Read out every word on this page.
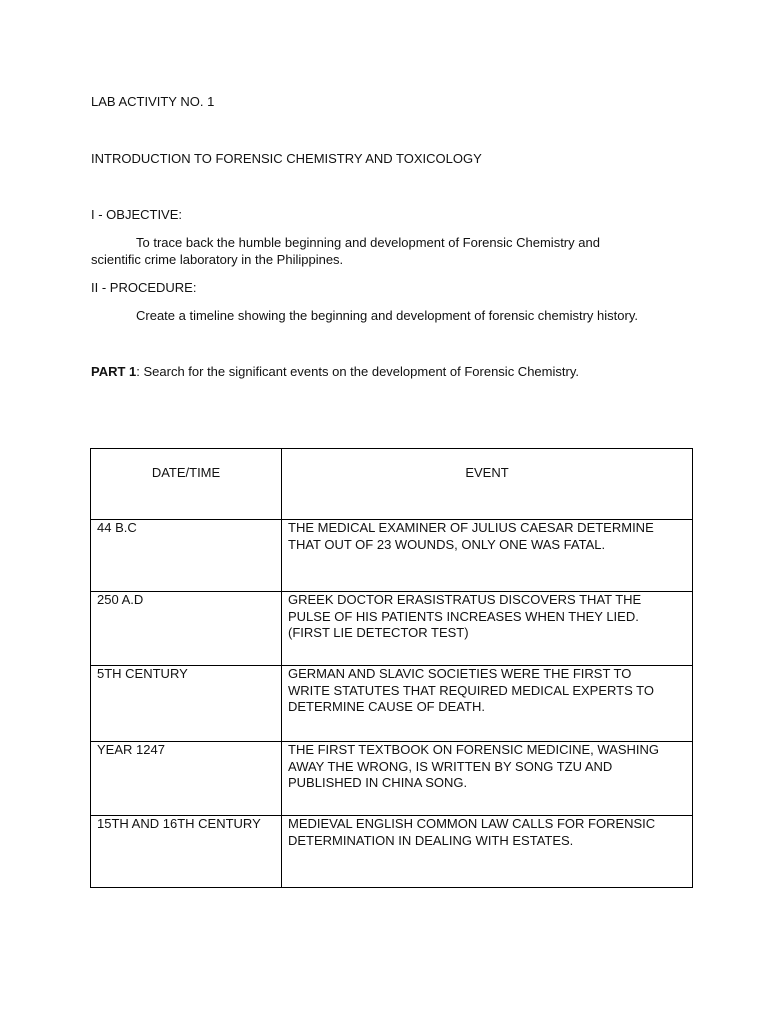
LAB ACTIVITY NO. 1
INTRODUCTION TO FORENSIC CHEMISTRY AND TOXICOLOGY
I - OBJECTIVE:
To trace back the humble beginning and development of Forensic Chemistry and
scientific crime laboratory in the Philippines.
II - PROCEDURE:
Create a timeline showing the beginning and development of forensic chemistry history.
PART 1: Search for the significant events on the development of Forensic Chemistry.
DATE/TIME	EVENT
44 B.C	THE MEDICAL EXAMINER OF JULIUS CAESAR DETERMINE
THAT OUT OF 23 WOUNDS, ONLY ONE WAS FATAL.

250 A.D	GREEK DOCTOR ERASISTRATUS DISCOVERS THAT THE
PULSE OF HIS PATIENTS INCREASES WHEN THEY LIED.
(FIRST LIE DETECTOR TEST)

5TH CENTURY	GERMAN AND SLAVIC SOCIETIES WERE THE FIRST TO
WRITE STATUTES THAT REQUIRED MEDICAL EXPERTS TO
DETERMINE CAUSE OF DEATH.

YEAR 1247	THE FIRST TEXTBOOK ON FORENSIC MEDICINE, WASHING
AWAY THE WRONG, IS WRITTEN BY SONG TZU AND
PUBLISHED IN CHINA SONG.

15TH AND 16TH CENTURY	MEDIEVAL ENGLISH COMMON LAW CALLS FOR FORENSIC
DETERMINATION IN DEALING WITH ESTATES.
